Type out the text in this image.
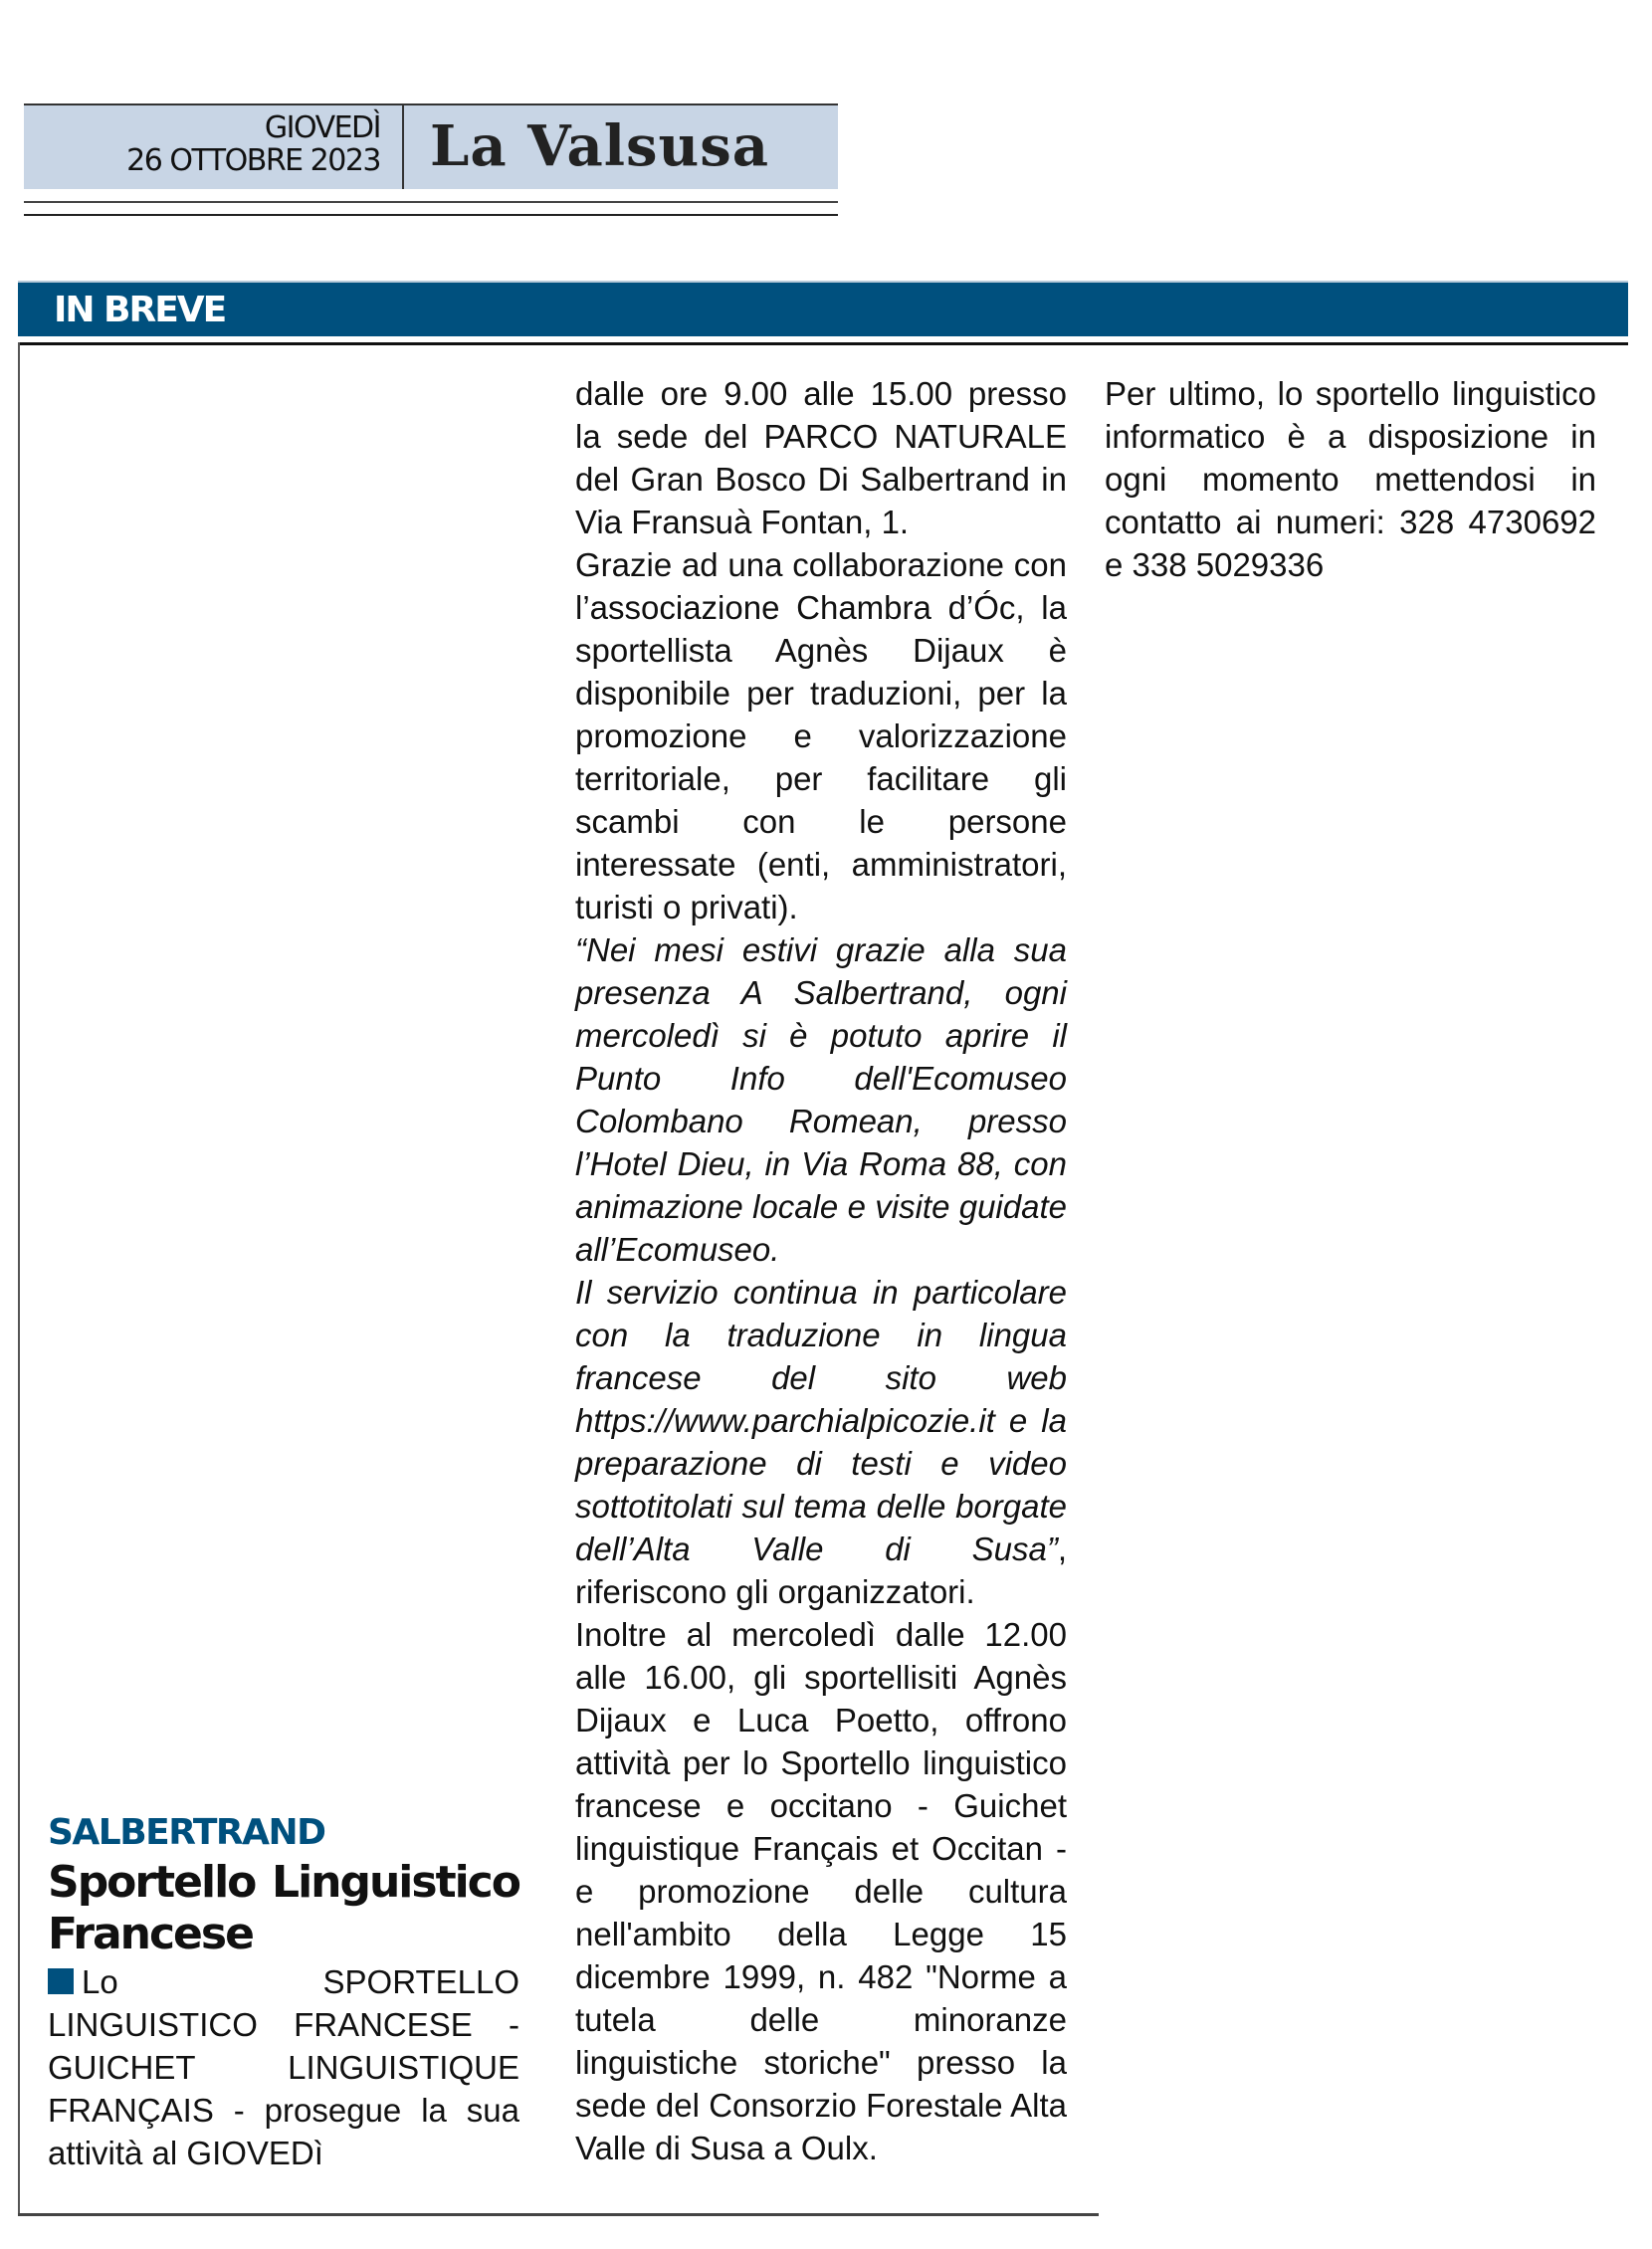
GIOVEDÌ
26 OTTOBRE 2023 La Valsusa
IN BREVE
SALBERTRAND
Sportello Linguistico Francese

Lo SPORTELLO LINGUISTICO FRANCESE - GUICHET LINGUISTIQUE FRANÇAIS - prosegue la sua attività al GIOVEDì

dalle ore 9.00 alle 15.00 presso la sede del PARCO NATURALE del Gran Bosco Di Salbertrand in Via Fransuà Fontan, 1.

Grazie ad una collaborazione con l’associazione Chambra d’Óc, la sportellista Agnès Dijaux è disponibile per traduzioni, per la promozione e valorizzazione territoriale, per facilitare gli scambi con le persone interessate (enti, amministratori, turisti o privati).

“Nei mesi estivi grazie alla sua presenza A Salbertrand, ogni mercoledì si è potuto aprire il Punto Info dell'Ecomuseo Colombano Romean, presso l’Hotel Dieu, in Via Roma 88, con animazione locale e visite guidate all’Ecomuseo.

Il servizio continua in particolare con la traduzione in lingua francese del sito web https://www.parchialpicozie.it e la preparazione di testi e video sottotitolati sul tema delle borgate dell’Alta Valle di Susa”, riferiscono gli organizzatori.

Inoltre al mercoledì dalle 12.00 alle 16.00, gli sportellisiti Agnès Dijaux e Luca Poetto, offrono attività per lo Sportello linguistico francese e occitano - Guichet linguistique Français et Occitan - e promozione delle cultura nell'ambito della Legge 15 dicembre 1999, n. 482 "Norme a tutela delle minoranze linguistiche storiche" presso la sede del Consorzio Forestale Alta Valle di Susa a Oulx.

Per ultimo, lo sportello linguistico informatico è a disposizione in ogni momento mettendosi in contatto ai numeri: 328 4730692 e 338 5029336
